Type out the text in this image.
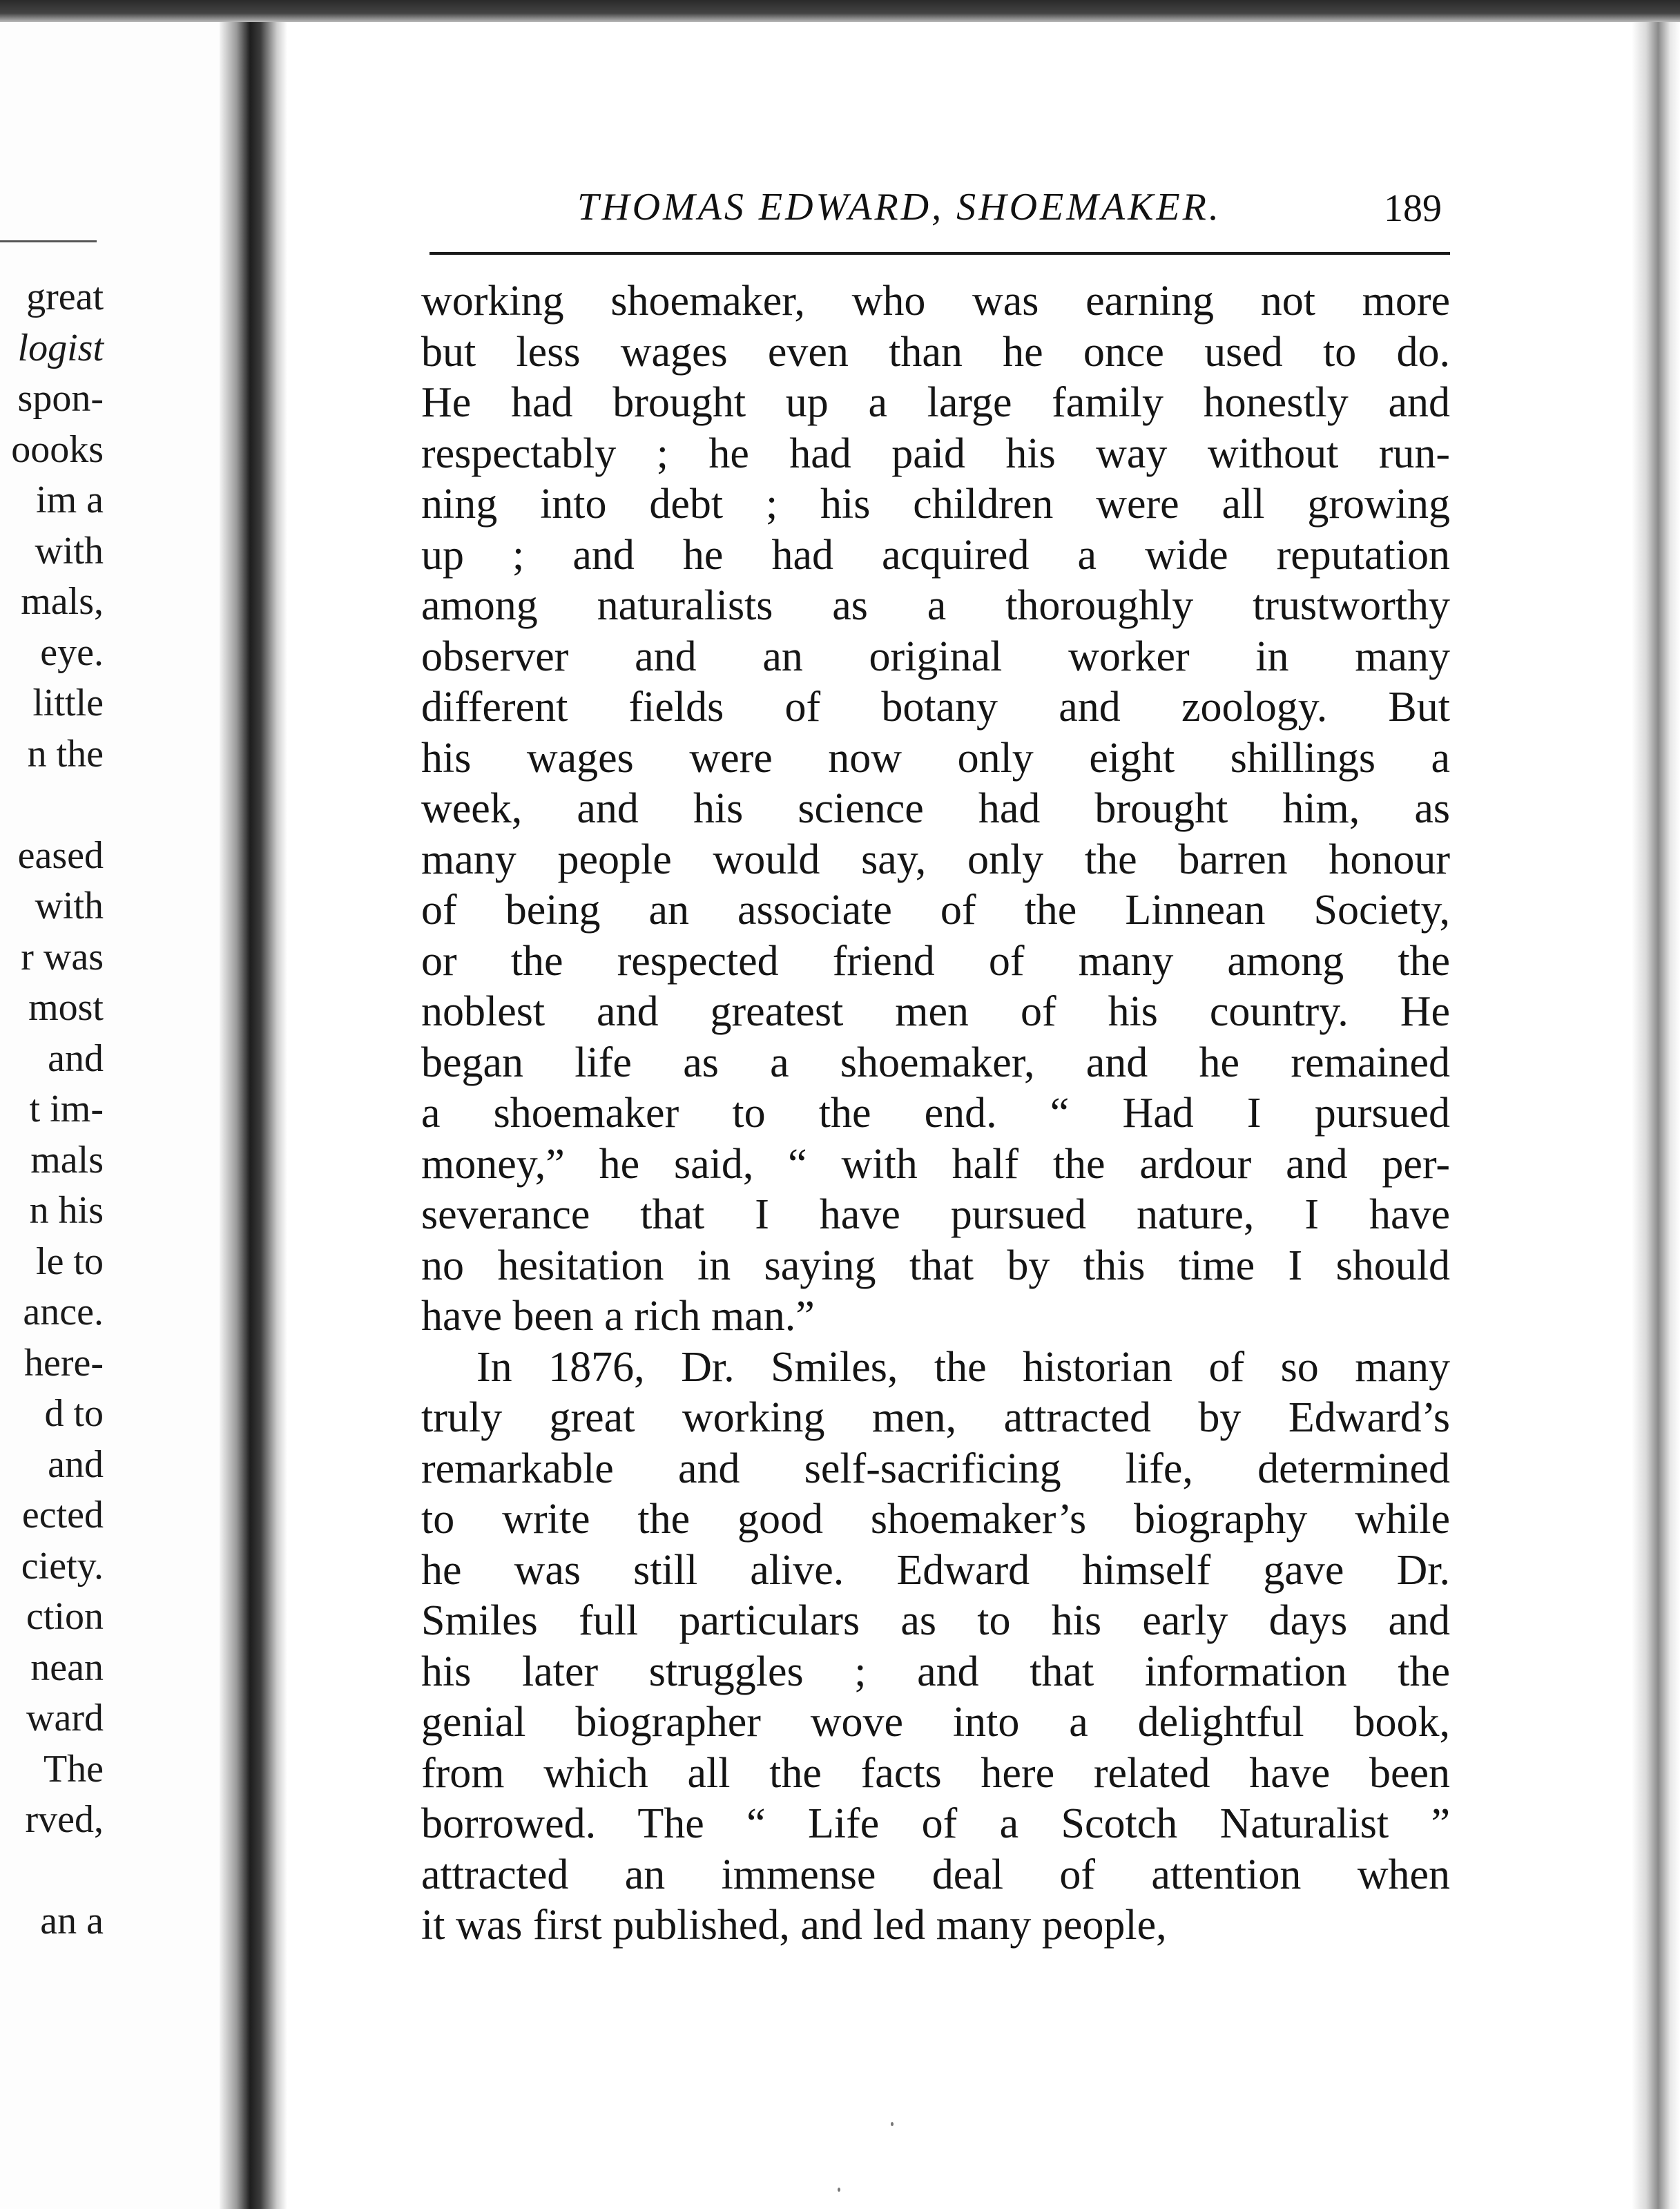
great
logist
spon-
oooks
im a
with
mals,
eye.
little
n the
eased
with
r was
most
and
t im-
mals
n his
le to
ance.
here-
d to
and
ected
ciety.
ction
nean
ward
The
rved,
an a
THOMAS EDWARD, SHOEMAKER.	189
working shoemaker, who was earning not more
but less wages even than he once used to do.
He had brought up a large family honestly and
respectably ; he had paid his way without run-
ning into debt ; his children were all growing
up ; and he had acquired a wide reputation
among naturalists as a thoroughly trustworthy
observer and an original worker in many
different fields of botany and zoology. But
his wages were now only eight shillings a
week, and his science had brought him, as
many people would say, only the barren honour
of being an associate of the Linnean Society,
or the respected friend of many among the
noblest and greatest men of his country. He
began life as a shoemaker, and he remained
a shoemaker to the end. “ Had I pursued
money,” he said, “ with half the ardour and per-
severance that I have pursued nature, I have
no hesitation in saying that by this time I should
have been a rich man.”
In 1876, Dr. Smiles, the historian of so many
truly great working men, attracted by Edward’s
remarkable and self-sacrificing life, determined
to write the good shoemaker’s biography while
he was still alive. Edward himself gave Dr.
Smiles full particulars as to his early days and
his later struggles ; and that information the
genial biographer wove into a delightful book,
from which all the facts here related have been
borrowed. The “ Life of a Scotch Naturalist ”
attracted an immense deal of attention when
it was first published, and led many people,
